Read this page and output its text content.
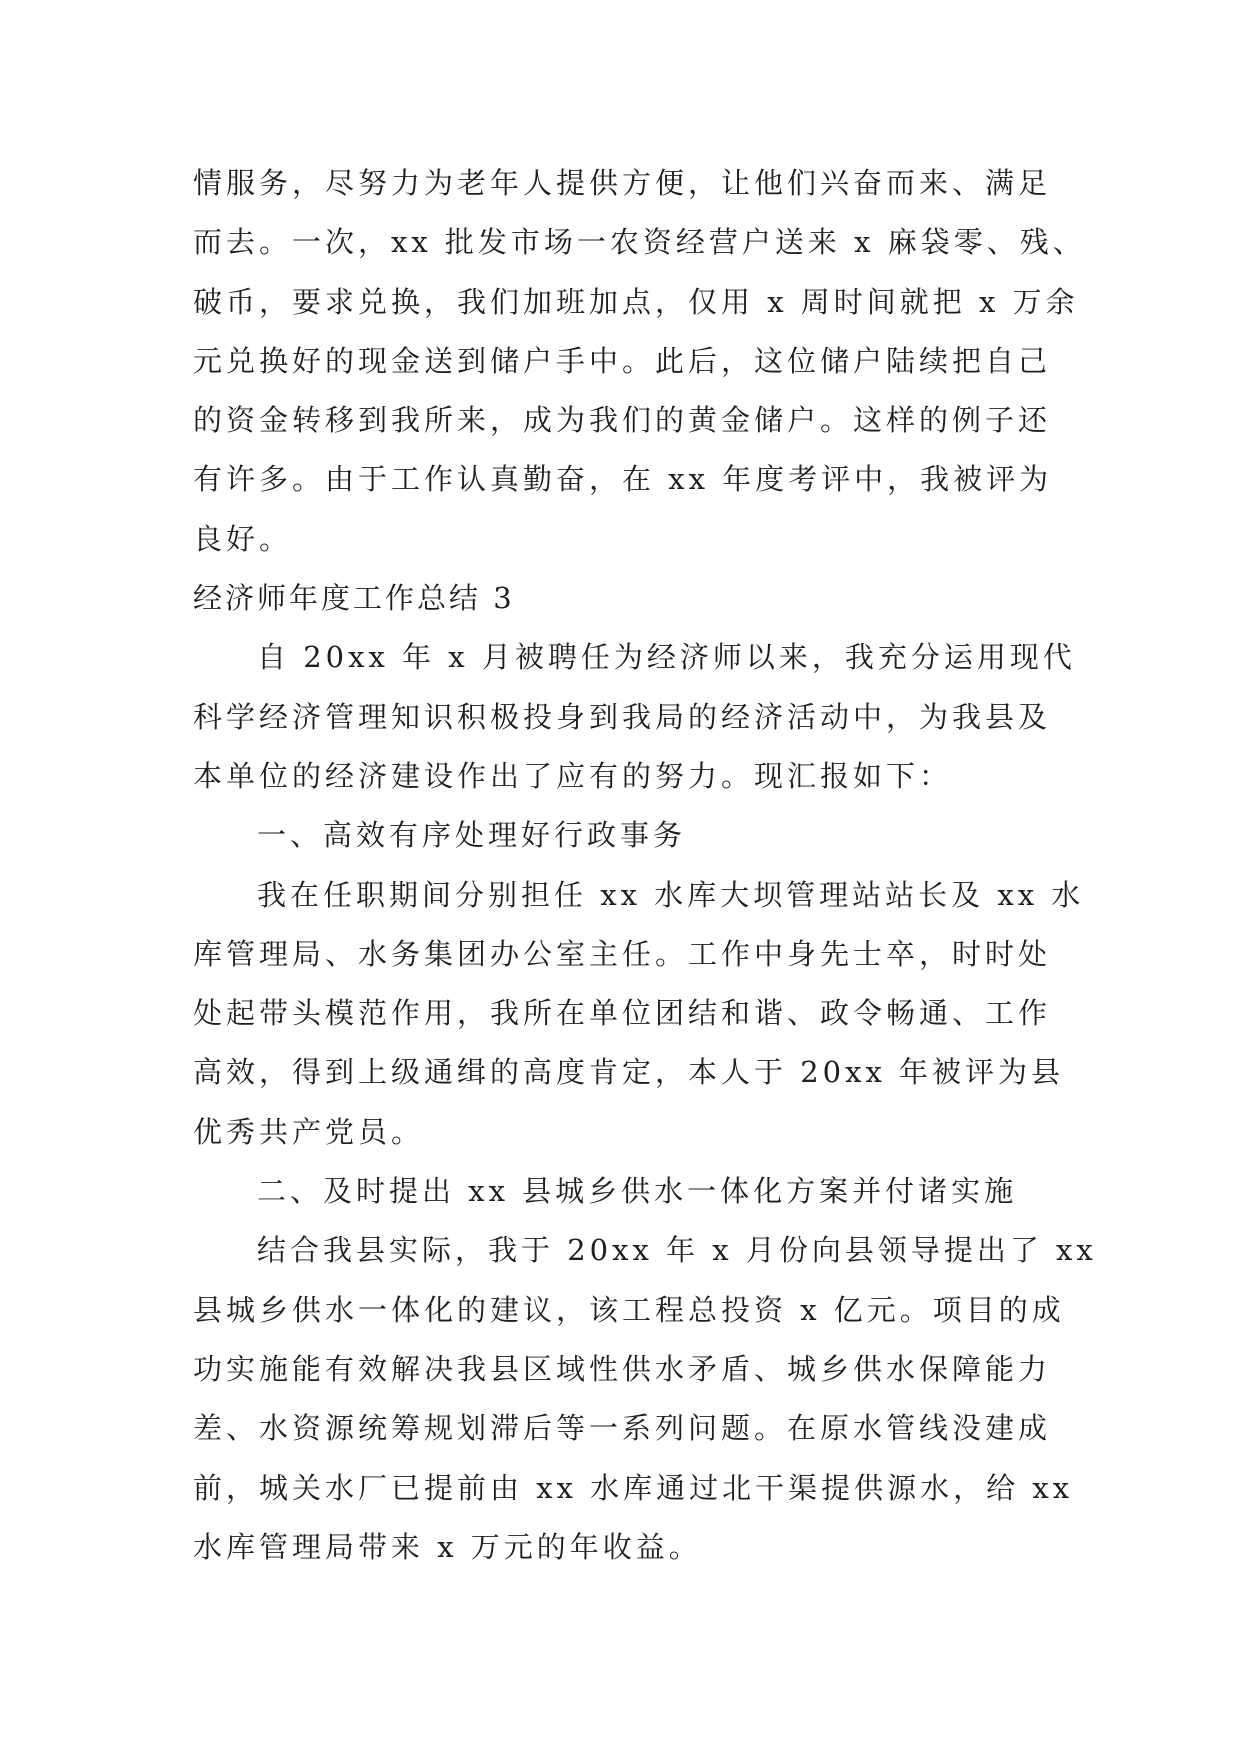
情服务，尽努力为老年人提供方便，让他们兴奋而来、满足
而去。一次，xx 批发市场一农资经营户送来 x 麻袋零、残、
破币，要求兑换，我们加班加点，仅用 x 周时间就把 x 万余
元兑换好的现金送到储户手中。此后，这位储户陆续把自己
的资金转移到我所来，成为我们的黄金储户。这样的例子还
有许多。由于工作认真勤奋，在 xx 年度考评中，我被评为
良好。
经济师年度工作总结 3
自 20xx 年 x 月被聘任为经济师以来，我充分运用现代
科学经济管理知识积极投身到我局的经济活动中，为我县及
本单位的经济建设作出了应有的努力。现汇报如下：
一、高效有序处理好行政事务
我在任职期间分别担任 xx 水库大坝管理站站长及 xx 水
库管理局、水务集团办公室主任。工作中身先士卒，时时处
处起带头模范作用，我所在单位团结和谐、政令畅通、工作
高效，得到上级通缉的高度肯定，本人于 20xx 年被评为县
优秀共产党员。
二、及时提出 xx 县城乡供水一体化方案并付诸实施
结合我县实际，我于 20xx 年 x 月份向县领导提出了 xx
县城乡供水一体化的建议，该工程总投资 x 亿元。项目的成
功实施能有效解决我县区域性供水矛盾、城乡供水保障能力
差、水资源统筹规划滞后等一系列问题。在原水管线没建成
前，城关水厂已提前由 xx 水库通过北干渠提供源水，给 xx
水库管理局带来 x 万元的年收益。
